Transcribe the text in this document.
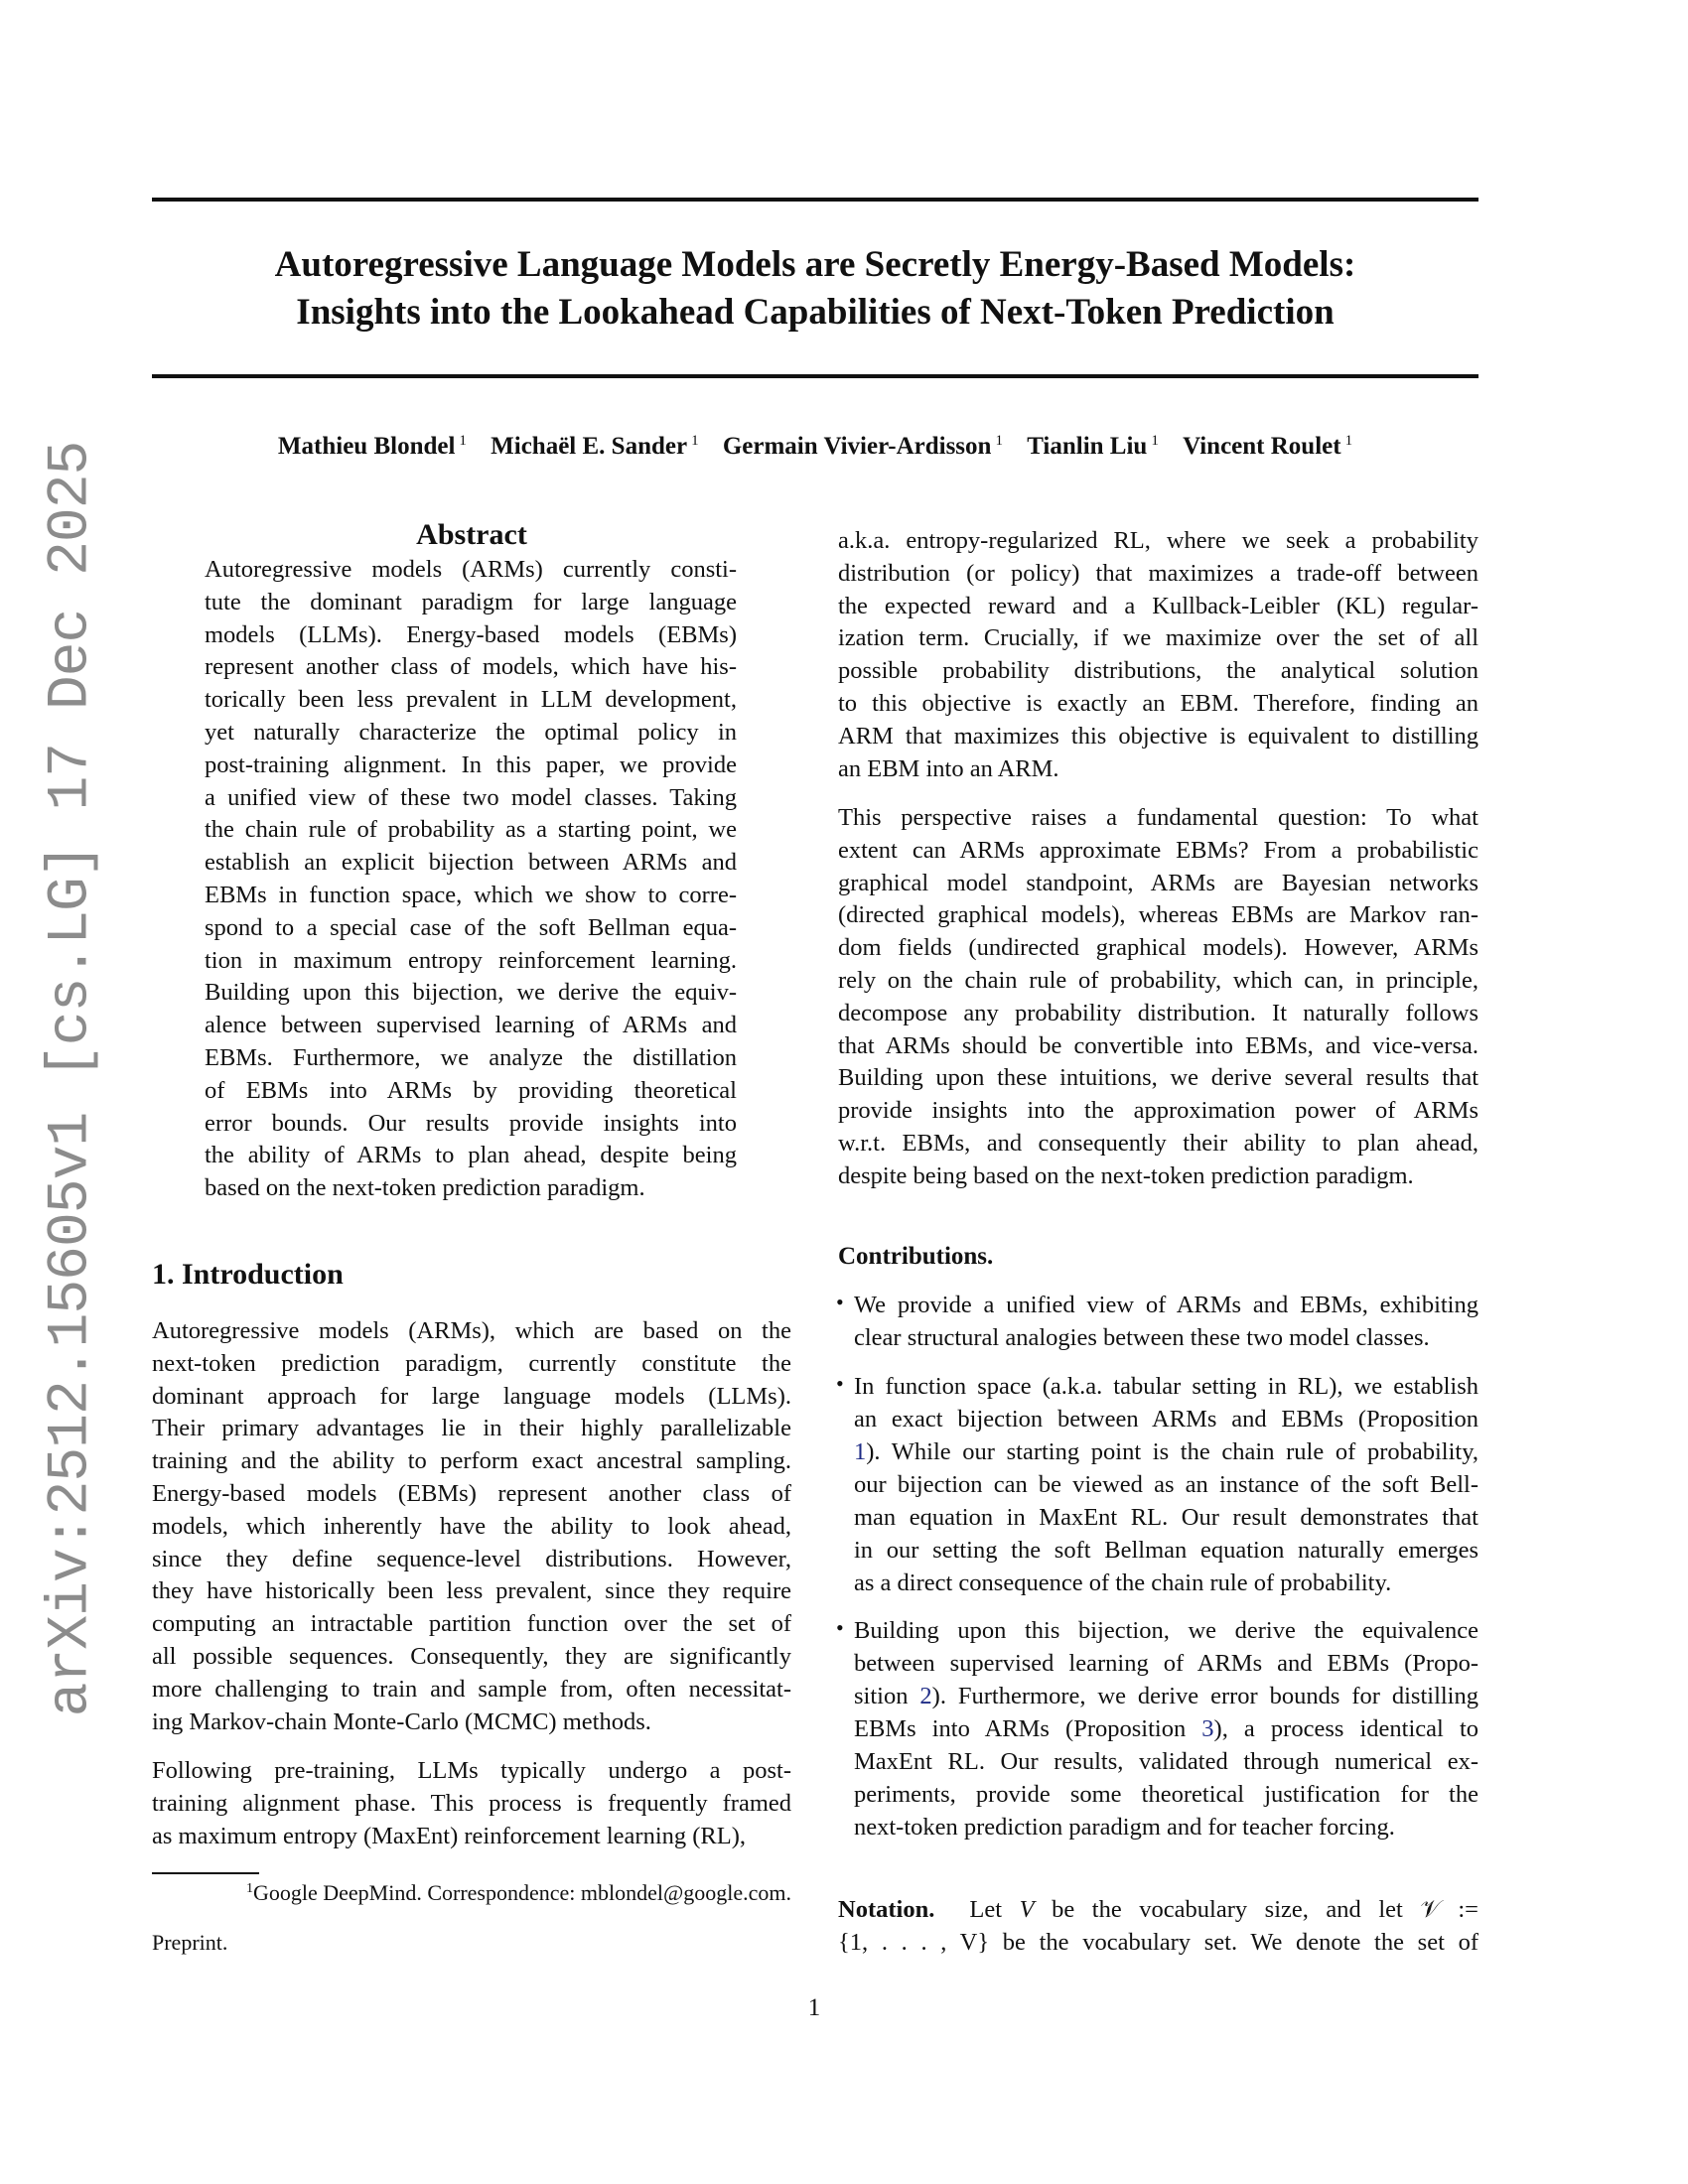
arXiv:2512.15605v1 [cs.LG] 17 Dec 2025
Autoregressive Language Models are Secretly Energy-Based Models:
Insights into the Lookahead Capabilities of Next-Token Prediction
Mathieu Blondel $^1$ Michaël E. Sander $^1$ Germain Vivier-Ardisson $^1$ Tianlin Liu $^1$ Vincent Roulet $^1$
Abstract
Autoregressive models (ARMs) currently consti-
tute the dominant paradigm for large language
models (LLMs). Energy-based models (EBMs)
represent another class of models, which have his-
torically been less prevalent in LLM development,
yet naturally characterize the optimal policy in
post-training alignment. In this paper, we provide
a unified view of these two model classes. Taking
the chain rule of probability as a starting point, we
establish an explicit bijection between ARMs and
EBMs in function space, which we show to corre-
spond to a special case of the soft Bellman equa-
tion in maximum entropy reinforcement learning.
Building upon this bijection, we derive the equiv-
alence between supervised learning of ARMs and
EBMs. Furthermore, we analyze the distillation
of EBMs into ARMs by providing theoretical
error bounds. Our results provide insights into
the ability of ARMs to plan ahead, despite being
based on the next-token prediction paradigm.
1. Introduction
Autoregressive models (ARMs), which are based on the
next-token prediction paradigm, currently constitute the
dominant approach for large language models (LLMs).
Their primary advantages lie in their highly parallelizable
training and the ability to perform exact ancestral sampling.
Energy-based models (EBMs) represent another class of
models, which inherently have the ability to look ahead,
since they define sequence-level distributions. However,
they have historically been less prevalent, since they require
computing an intractable partition function over the set of
all possible sequences. Consequently, they are significantly
more challenging to train and sample from, often necessitat-
ing Markov-chain Monte-Carlo (MCMC) methods.
Following pre-training, LLMs typically undergo a post-
training alignment phase. This process is frequently framed
as maximum entropy (MaxEnt) reinforcement learning (RL),
$^1$Google DeepMind. Correspondence: mblondel@google.com.
Preprint.
a.k.a. entropy-regularized RL, where we seek a probability
distribution (or policy) that maximizes a trade-off between
the expected reward and a Kullback-Leibler (KL) regular-
ization term. Crucially, if we maximize over the set of all
possible probability distributions, the analytical solution
to this objective is exactly an EBM. Therefore, finding an
ARM that maximizes this objective is equivalent to distilling
an EBM into an ARM.
This perspective raises a fundamental question: To what
extent can ARMs approximate EBMs? From a probabilistic
graphical model standpoint, ARMs are Bayesian networks
(directed graphical models), whereas EBMs are Markov ran-
dom fields (undirected graphical models). However, ARMs
rely on the chain rule of probability, which can, in principle,
decompose any probability distribution. It naturally follows
that ARMs should be convertible into EBMs, and vice-versa.
Building upon these intuitions, we derive several results that
provide insights into the approximation power of ARMs
w.r.t. EBMs, and consequently their ability to plan ahead,
despite being based on the next-token prediction paradigm.
Contributions.
• We provide a unified view of ARMs and EBMs, exhibiting
clear structural analogies between these two model classes.
• In function space (a.k.a. tabular setting in RL), we establish
an exact bijection between ARMs and EBMs (Proposition
1). While our starting point is the chain rule of probability,
our bijection can be viewed as an instance of the soft Bell-
man equation in MaxEnt RL. Our result demonstrates that
in our setting the soft Bellman equation naturally emerges
as a direct consequence of the chain rule of probability.
• Building upon this bijection, we derive the equivalence
between supervised learning of ARMs and EBMs (Propo-
sition 2). Furthermore, we derive error bounds for distilling
EBMs into ARMs (Proposition 3), a process identical to
MaxEnt RL. Our results, validated through numerical ex-
periments, provide some theoretical justification for the
next-token prediction paradigm and for teacher forcing.
Notation. Let V be the vocabulary size, and let 𝒱 :=
{1, . . . , V} be the vocabulary set. We denote the set of
1
